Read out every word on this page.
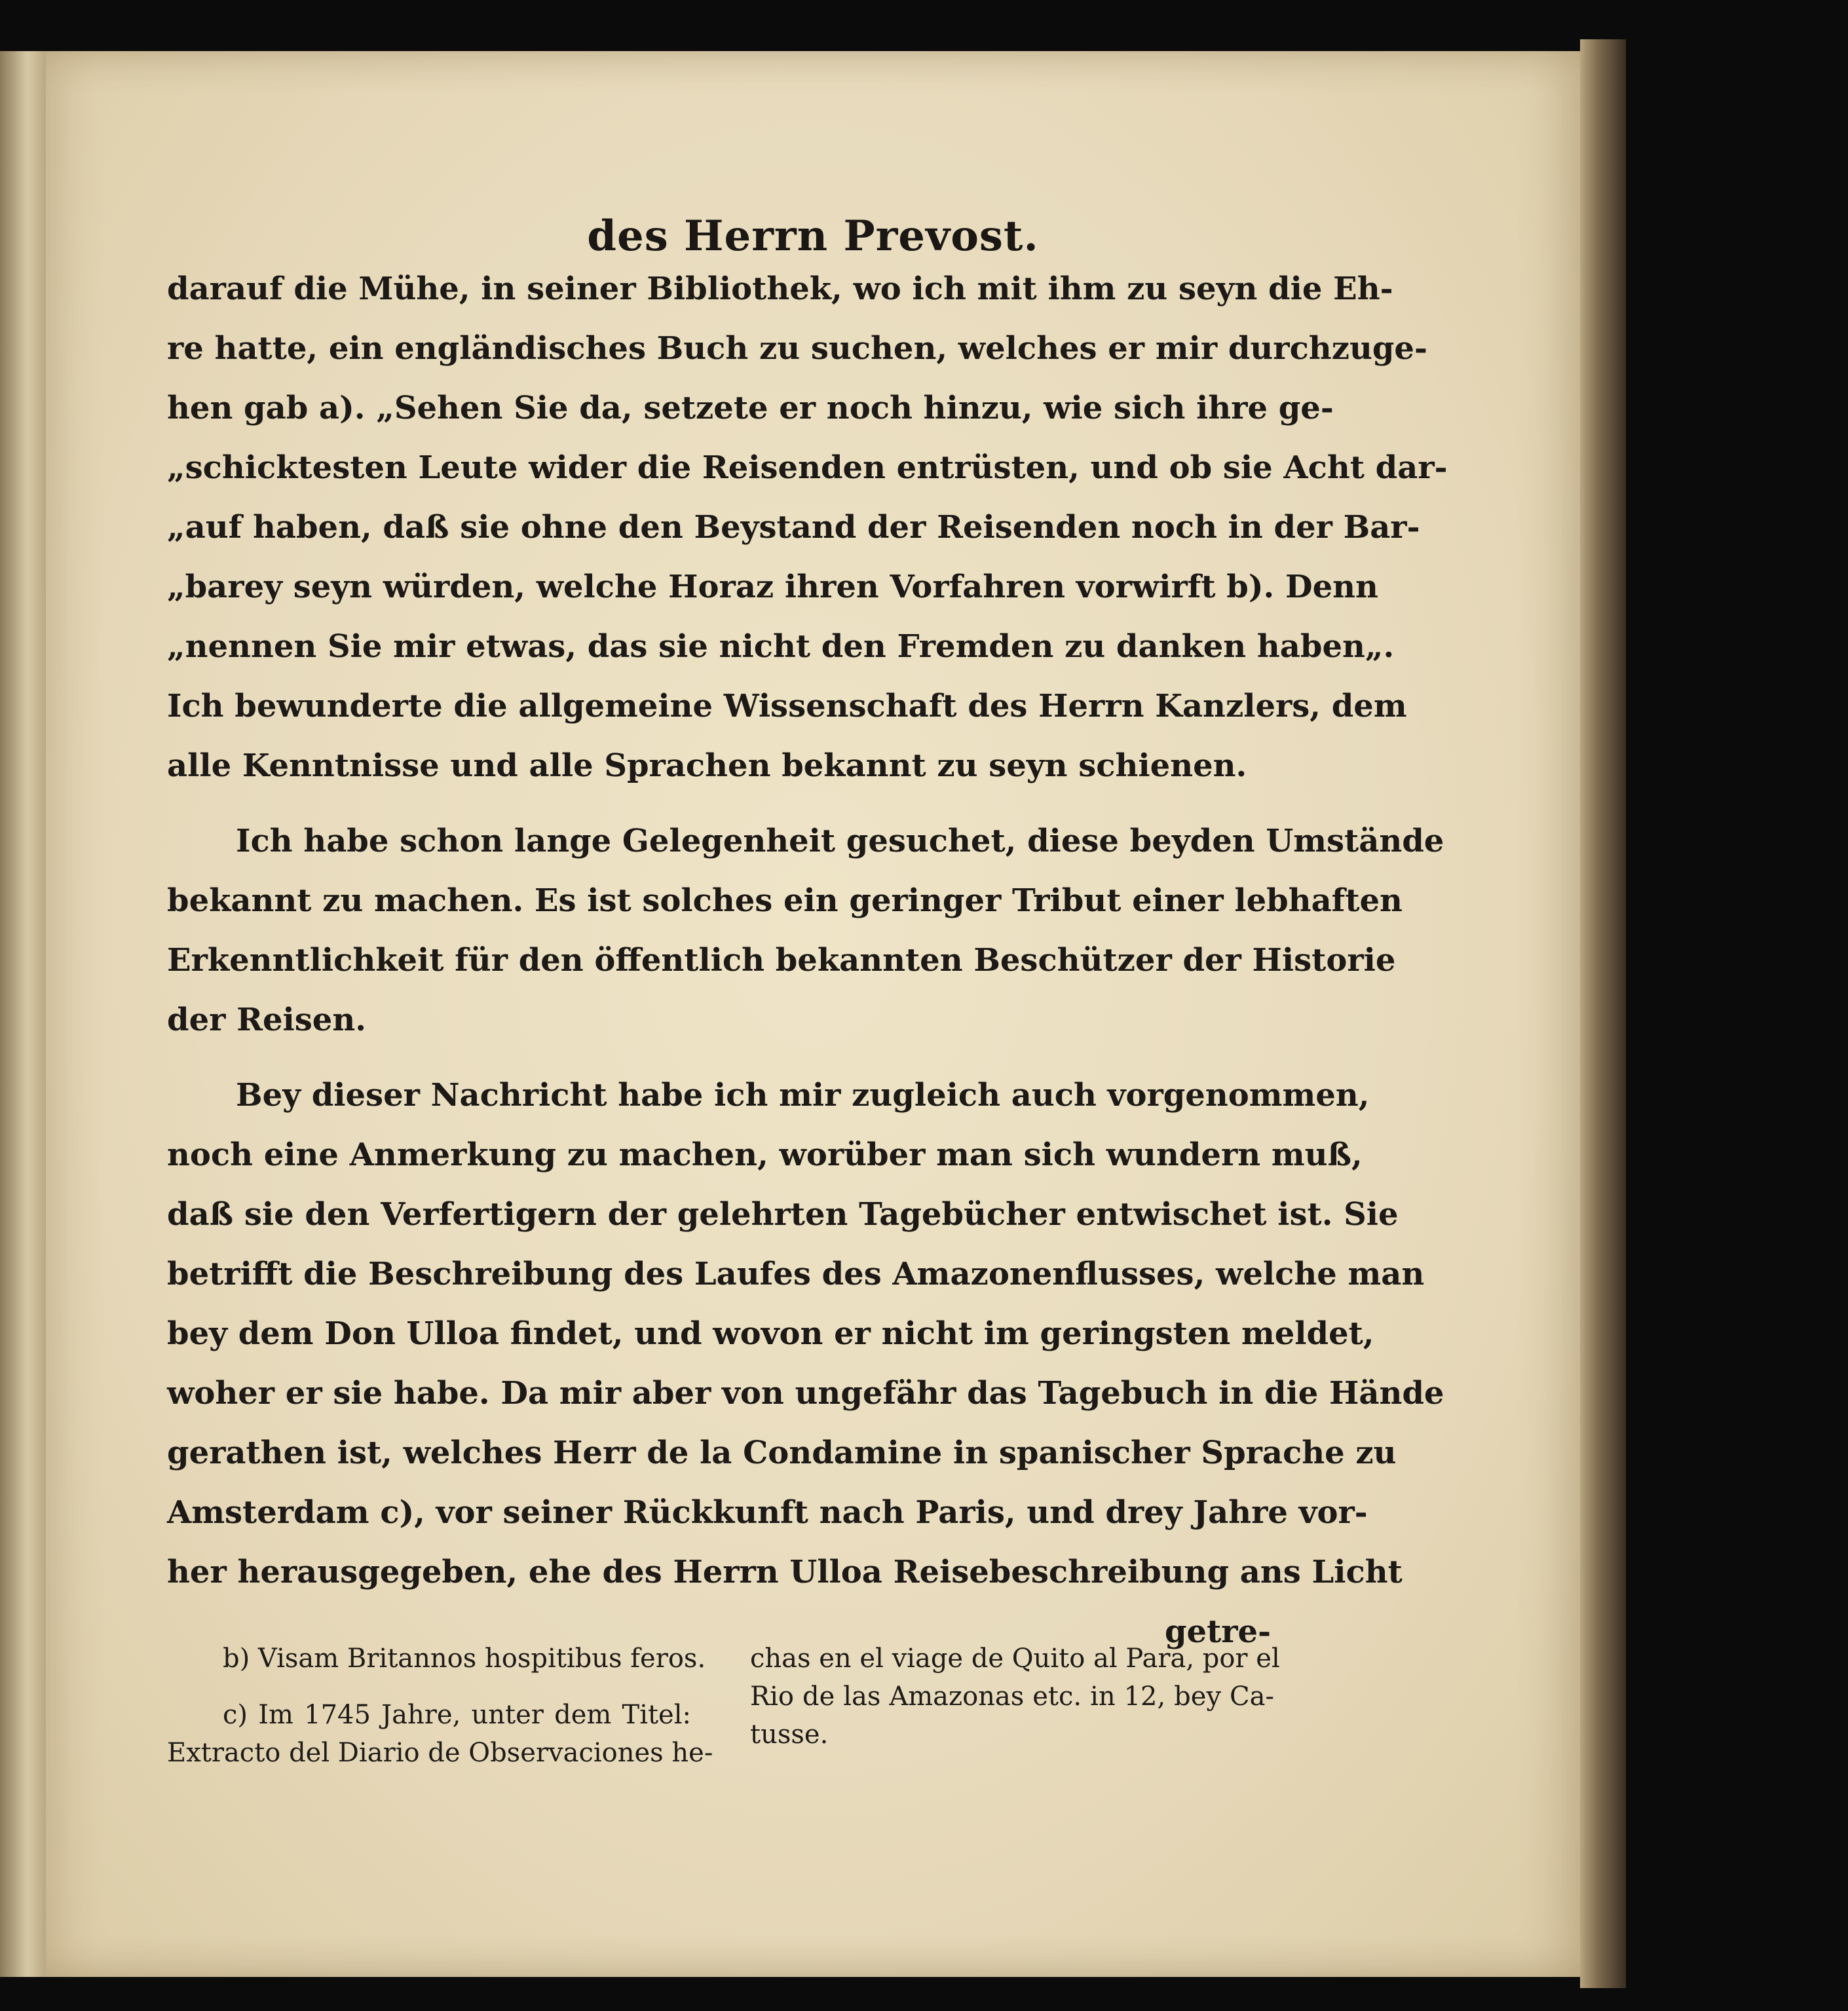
des Herrn Prevost.
darauf die Mühe, in seiner Bibliothek, wo ich mit ihm zu seyn die Eh-
re hatte, ein engländisches Buch zu suchen, welches er mir durchzuge-
hen gab a). „Sehen Sie da, setzete er noch hinzu, wie sich ihre ge-
„schicktesten Leute wider die Reisenden entrüsten, und ob sie Acht dar-
„auf haben, daß sie ohne den Beystand der Reisenden noch in der Bar-
„barey seyn würden, welche Horaz ihren Vorfahren vorwirft b). Denn
„nennen Sie mir etwas, das sie nicht den Fremden zu danken haben„.
Ich bewunderte die allgemeine Wissenschaft des Herrn Kanzlers, dem
alle Kenntnisse und alle Sprachen bekannt zu seyn schienen.
Ich habe schon lange Gelegenheit gesuchet, diese beyden Umstände
bekannt zu machen. Es ist solches ein geringer Tribut einer lebhaften
Erkenntlichkeit für den öffentlich bekannten Beschützer der Historie
der Reisen.
Bey dieser Nachricht habe ich mir zugleich auch vorgenommen,
noch eine Anmerkung zu machen, worüber man sich wundern muß,
daß sie den Verfertigern der gelehrten Tagebücher entwischet ist. Sie
betrifft die Beschreibung des Laufes des Amazonenflusses, welche man
bey dem Don Ulloa findet, und wovon er nicht im geringsten meldet,
woher er sie habe. Da mir aber von ungefähr das Tagebuch in die Hände
gerathen ist, welches Herr de la Condamine in spanischer Sprache zu
Amsterdam c), vor seiner Rückkunft nach Paris, und drey Jahre vor-
her herausgegeben, ehe des Herrn Ulloa Reisebeschreibung ans Licht
getre-
b) Visam Britannos hospitibus feros.
c) Im 1745 Jahre, unter dem Titel:
Extracto del Diario de Observaciones he-
chas en el viage de Quito al Para, por el
Rio de las Amazonas etc. in 12, bey Ca-
tusse.
